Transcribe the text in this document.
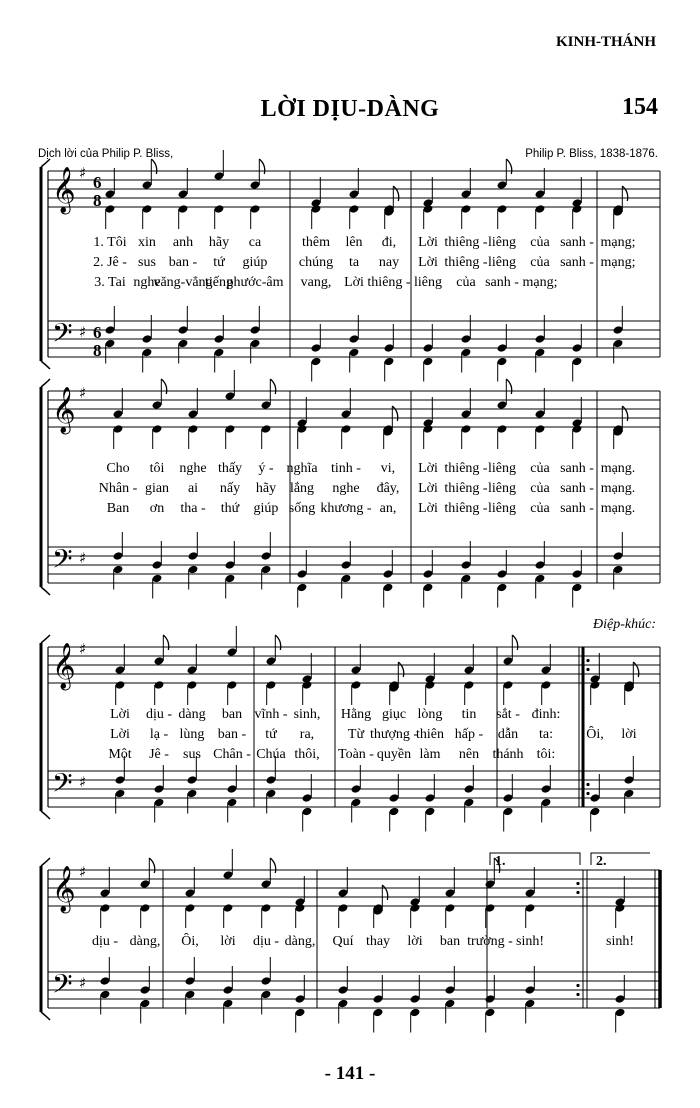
KINH-THÁNH
LỜI DỊU-DÀNG	154
Dịch lời của Philip P. Bliss,	Philip P. Bliss, 1838-1876.
Điệp-khúc:
- 141 -
𝄞 ♯ 6
8
𝄢 ♯ 6
8
1. Tôi xin anh hãy ca	thêm lên đi, Lời thiêng - liêng của sanh - mạng;
2. Jê - sus ban - tứ giúp chúng ta nay Lời thiêng - liêng của sanh - mạng;
3. Tai nghe
văng-vẳng
tiếng
phước-âm vang, Lời thiêng - liêng của sanh - mạng;
𝄞 ♯
𝄢 ♯
Cho tôi nghe thấy ý - nghĩa tinh - vi, Lời thiêng - liêng của sanh - mạng.
Nhân - gian ai nấy hãy lắng nghe đây, Lời thiêng - liêng của sanh - mạng.
Ban ơn tha - thứ giúp sống khương - an, Lời thiêng - liêng của sanh - mạng.
𝄞 ♯
𝄢 ♯
Lời dịu - dàng ban vĩnh - sinh, Hằng giục lòng tin sắt - đinh:
Lời lạ - lùng ban - tứ ra, Từ thượng -
thiên hấp - dẫn ta: Ôi, lời
Một Jê - sus Chân - Chúa thôi, Toàn - quyền làm nên thánh tôi:
𝄞 ♯
𝄢 ♯
1.	2.
dịu - dàng, Ôi, lời dịu - dàng, Quí thay lời ban trường - sinh!	sinh!
